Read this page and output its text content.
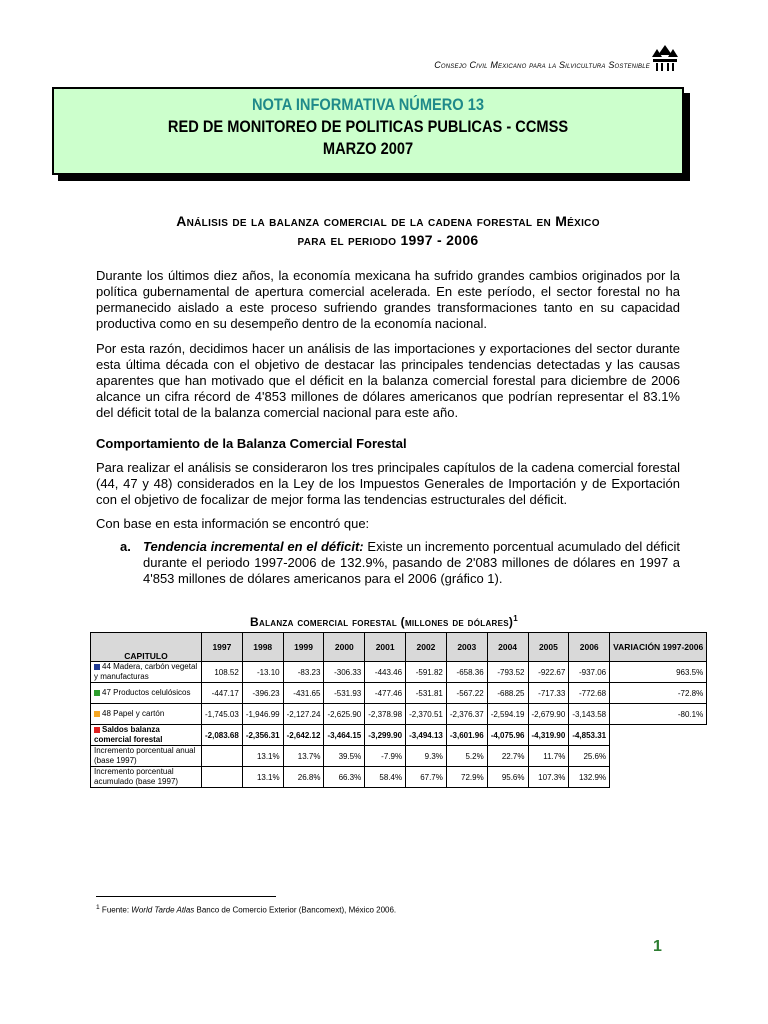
Consejo Civil Mexicano para la Silvicultura Sostenible
NOTA INFORMATIVA NÚMERO 13
RED DE MONITOREO DE POLITICAS PUBLICAS - CCMSS
MARZO 2007
Análisis de la balanza comercial de la cadena forestal en México
para el periodo 1997 - 2006
Durante los últimos diez años, la economía mexicana ha sufrido grandes cambios originados por la política gubernamental de apertura comercial acelerada. En este período, el sector forestal no ha permanecido aislado a este proceso sufriendo grandes transformaciones tanto en su capacidad productiva como en su desempeño dentro de la economía nacional.
Por esta razón, decidimos hacer un análisis de las importaciones y exportaciones del sector durante esta última década con el objetivo de destacar las principales tendencias detectadas y las causas aparentes que han motivado que el déficit en la balanza comercial forestal para diciembre de 2006 alcance un cifra récord de 4'853 millones de dólares americanos que podrían representar el 83.1% del déficit total de la balanza comercial nacional para este año.
Comportamiento de la Balanza Comercial Forestal
Para realizar el análisis se consideraron los tres principales capítulos de la cadena comercial forestal (44, 47 y 48) considerados en la Ley de los Impuestos Generales de Importación y de Exportación con el objetivo de focalizar de mejor forma las tendencias estructurales del déficit.
Con base en esta información se encontró que:
a. Tendencia incremental en el déficit: Existe un incremento porcentual acumulado del déficit durante el periodo 1997-2006 de 132.9%, pasando de 2'083 millones de dólares en 1997 a 4'853 millones de dólares americanos para el 2006 (gráfico 1).
Balanza comercial forestal (millones de dólares)$^1$
CAPITULO	1997	1998	1999	2000	2001	2002	2003	2004	2005	2006	VARIACIÓN 1997-2006
44 Madera, carbón vegetal y manufacturas	108.52	-13.10	-83.23	-306.33	-443.46	-591.82	-658.36	-793.52	-922.67	-937.06	963.5%
47 Productos celulósicos	-447.17	-396.23	-431.65	-531.93	-477.46	-531.81	-567.22	-688.25	-717.33	-772.68	-72.8%
48 Papel y cartón	-1,745.03	-1,946.99	-2,127.24	-2,625.90	-2,378.98	-2,370.51	-2,376.37	-2,594.19	-2,679.90	-3,143.58	-80.1%
Saldos balanza comercial forestal	-2,083.68	-2,356.31	-2,642.12	-3,464.15	-3,299.90	-3,494.13	-3,601.96	-4,075.96	-4,319.90	-4,853.31	
Incremento porcentual anual (base 1997)		13.1%	13.7%	39.5%	-7.9%	9.3%	5.2%	22.7%	11.7%	25.6%	
Incremento porcentual acumulado (base 1997)		13.1%	26.8%	66.3%	58.4%	67.7%	72.9%	95.6%	107.3%	132.9%	
$^1$ Fuente: World Tarde Atlas Banco de Comercio Exterior (Bancomext), México 2006.
1
